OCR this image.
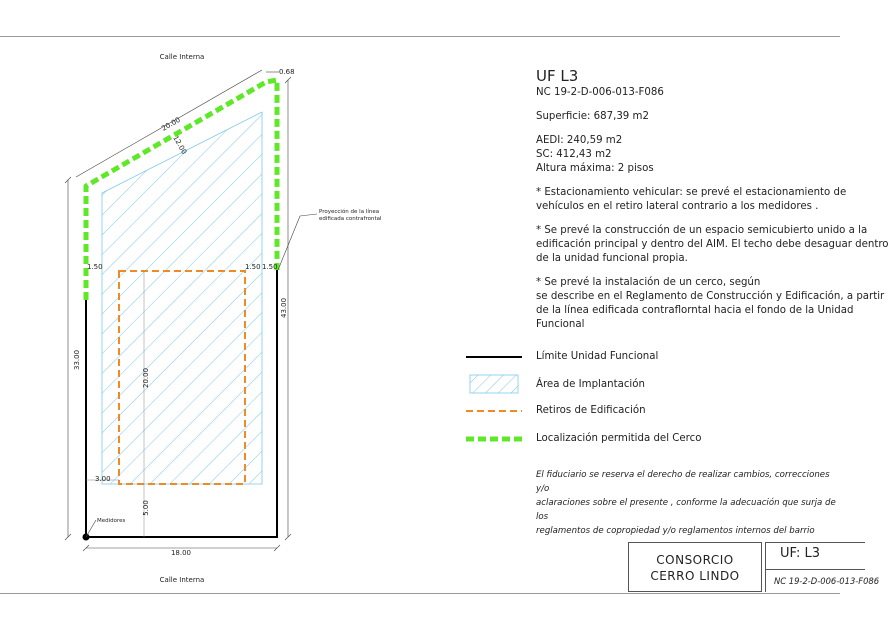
Medidores
20.00
5.00
3.00
1.50	1.50 1.50
33.00
43.00
18.00
20.00
12.00
0.68
Proyección de la línea
edificada contrafrontal
Calle Interna
Calle Interna
UF L3
NC 19-2-D-006-013-F086

Superficie: 687,39 m2

AEDI: 240,59 m2
SC: 412,43 m2

Altura máxima: 2 pisos

* Estacionamiento vehicular: se prevé el estacionamiento de

vehículos en el retiro lateral contrario a los medidores .

* Se prevé la construcción de un espacio semicubierto unido a la
edificación principal y dentro del AIM. El techo debe desaguar dentro

de la unidad funcional propia.

* Se prevé la instalación de un cerco, según
se describe en el Reglamento de Construcción y Edificación, a partir
de la línea edificada contraflorntal hacia el fondo de la Unidad
Funcional
Límite Unidad Funcional
Área de Implantación
Retiros de Edificación
Localización permitida del Cerco
El fiduciario se reserva el derecho de realizar cambios, correcciones y/o
aclaraciones sobre el presente , conforme la adecuación que surja de los
reglamentos de copropiedad y/o reglamentos internos del barrio
CONSORCIO
CERRO LINDO
UF: L3
NC 19-2-D-006-013-F086
